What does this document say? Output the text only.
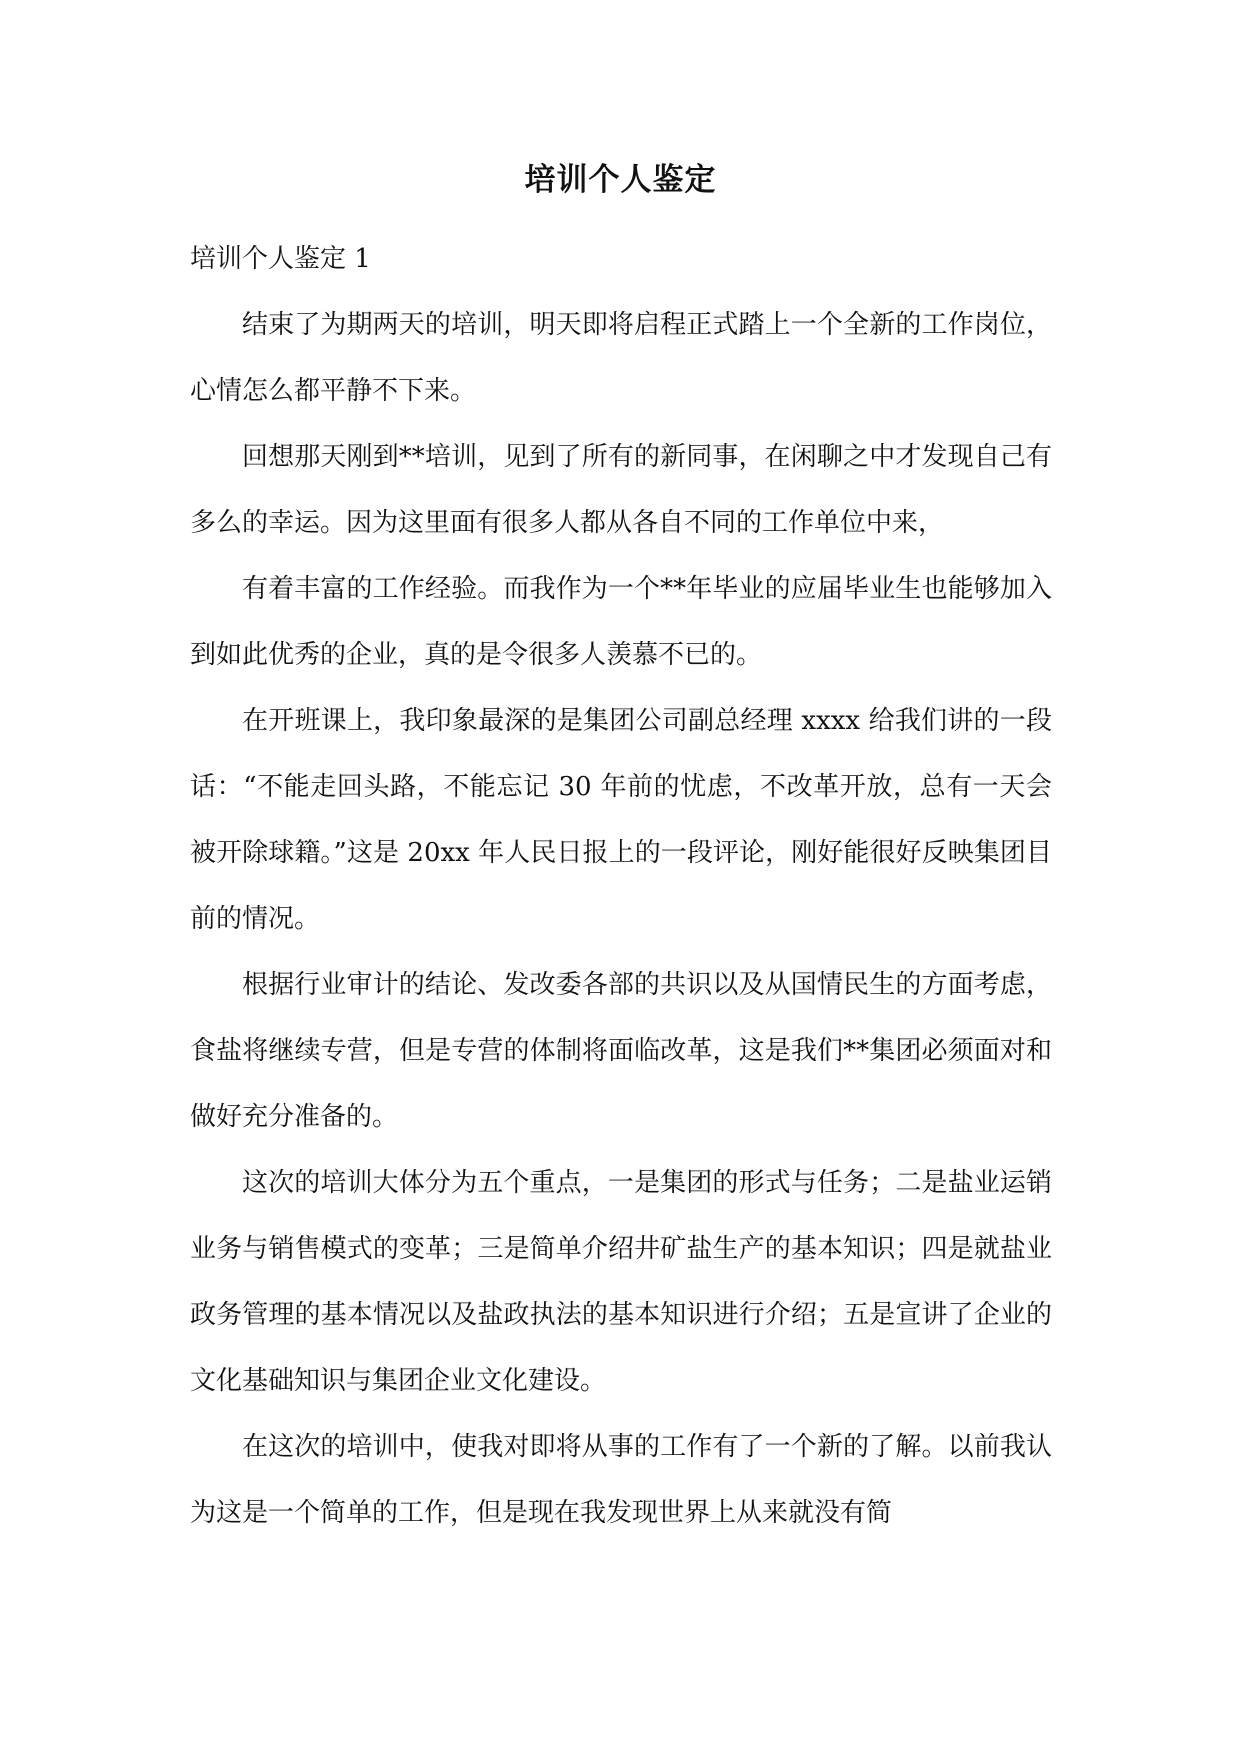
培训个人鉴定

培训个人鉴定 1

结束了为期两天的培训，明天即将启程正式踏上一个全新的工作岗位，心情怎么都平静不下来。

回想那天刚到**培训，见到了所有的新同事，在闲聊之中才发现自己有多么的幸运。因为这里面有很多人都从各自不同的工作单位中来，

有着丰富的工作经验。而我作为一个**年毕业的应届毕业生也能够加入到如此优秀的企业，真的是令很多人羡慕不已的。

在开班课上，我印象最深的是集团公司副总经理 xxxx 给我们讲的一段话：“不能走回头路，不能忘记 30 年前的忧虑，不改革开放，总有一天会被开除球籍。”这是 20xx 年人民日报上的一段评论，刚好能很好反映集团目前的情况。

根据行业审计的结论、发改委各部的共识以及从国情民生的方面考虑，食盐将继续专营，但是专营的体制将面临改革，这是我们**集团必须面对和做好充分准备的。

这次的培训大体分为五个重点，一是集团的形式与任务；二是盐业运销业务与销售模式的变革；三是简单介绍井矿盐生产的基本知识；四是就盐业政务管理的基本情况以及盐政执法的基本知识进行介绍；五是宣讲了企业的文化基础知识与集团企业文化建设。

在这次的培训中，使我对即将从事的工作有了一个新的了解。以前我认为这是一个简单的工作，但是现在我发现世界上从来就没有简
